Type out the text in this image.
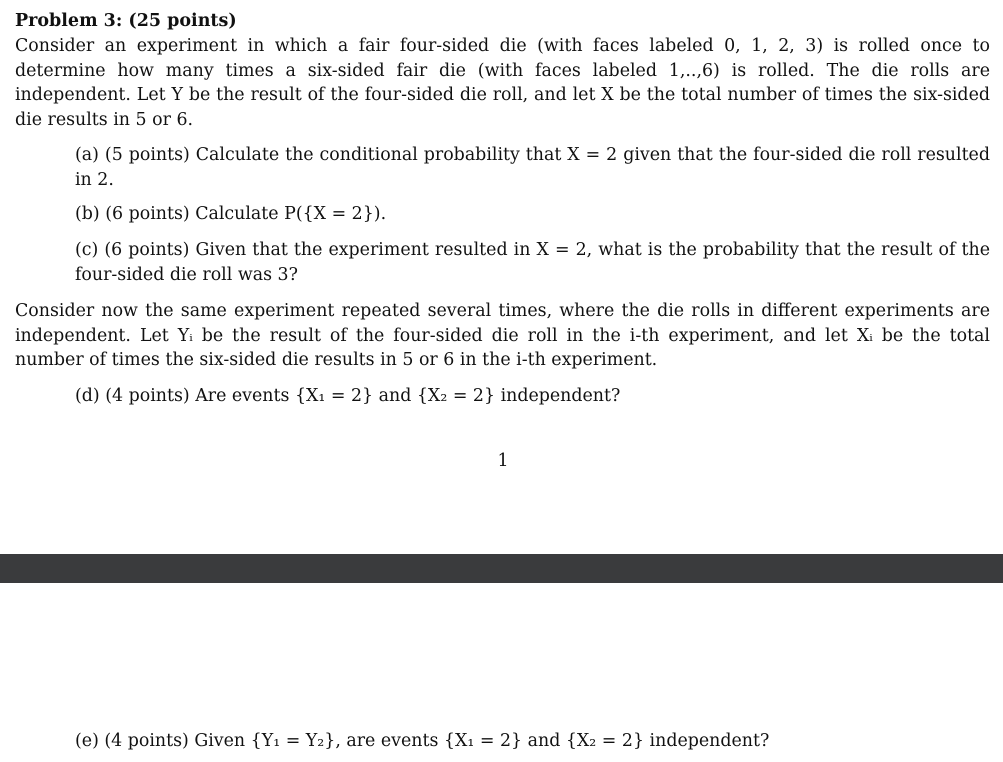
Problem 3: (25 points)
Consider an experiment in which a fair four-sided die (with faces labeled 0, 1, 2, 3) is rolled once to determine how many times a six-sided fair die (with faces labeled 1,..,6) is rolled. The die rolls are independent. Let Y be the result of the four-sided die roll, and let X be the total number of times the six-sided die results in 5 or 6.
(a) (5 points) Calculate the conditional probability that X = 2 given that the four-sided die roll resulted in 2.
(b) (6 points) Calculate P({X = 2}).
(c) (6 points) Given that the experiment resulted in X = 2, what is the probability that the result of the four-sided die roll was 3?
Consider now the same experiment repeated several times, where the die rolls in different experiments are independent. Let Yᵢ be the result of the four-sided die roll in the i-th experiment, and let Xᵢ be the total number of times the six-sided die results in 5 or 6 in the i-th experiment.
(d) (4 points) Are events {X₁ = 2} and {X₂ = 2} independent?
1
(e) (4 points) Given {Y₁ = Y₂}, are events {X₁ = 2} and {X₂ = 2} independent?
